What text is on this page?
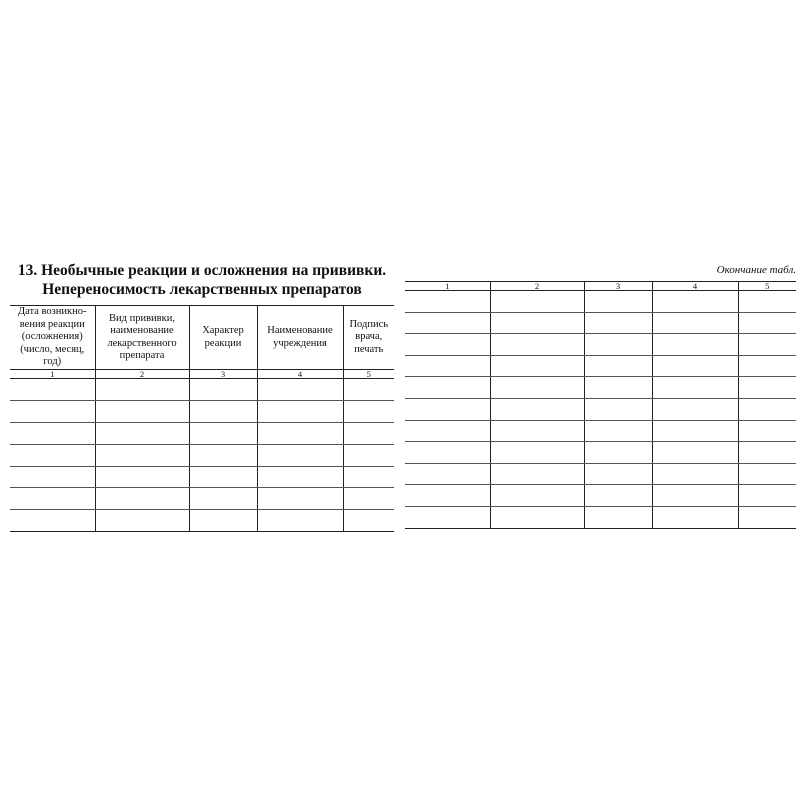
13. Необычные реакции и осложнения на прививки.
Непереносимость лекарственных препаратов
Окончание табл.
Дата возникно-вения реакции (осложнения) (число, месяц, год)	Вид прививки, наименование лекарственного препарата	Характер реакции	Наименование учреждения	Подпись врача, печать
1	2	3	4	5

1	2	3	4	5
